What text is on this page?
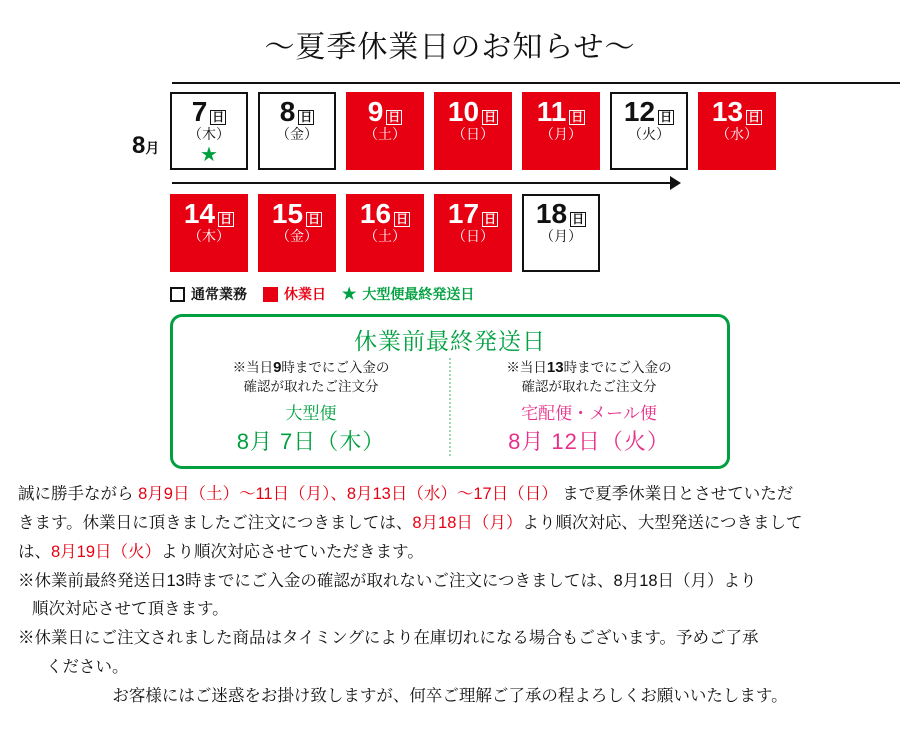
〜夏季休業日のお知らせ〜
8月
7 日
（木）
★
8 日
（金）
9 日
（土）
10 日
（日）
11 日
（月）
12 日
（火）
13 日
（水）
14 日
（木）
15 日
（金）
16 日
（土）
17 日
（日）
18 日
（月）
通常業務	休業日 ★ 大型便最終発送日
休業前最終発送日
※当日9時までにご入金の
確認が取れたご注文分
大型便
8月 7日（木）
※当日13時までにご入金の
確認が取れたご注文分
宅配便・メール便
8月 12日（火）

誠に勝手ながら 8月9日（土）〜11日（月）、8月13日（水）〜17日（日） まで夏季休業日とさせていただ

きます。休業日に頂きましたご注文につきましては、8月18日（月）より順次対応、大型発送につきまして

は、8月19日（火）より順次対応させていただきます。

※休業前最終発送日13時までにご入金の確認が取れないご注文につきましては、8月18日（月）より

順次対応させて頂きます。

※休業日にご注文されました商品はタイミングにより在庫切れになる場合もございます。予めご了承

ください。

お客様にはご迷惑をお掛け致しますが、何卒ご理解ご了承の程よろしくお願いいたします。
